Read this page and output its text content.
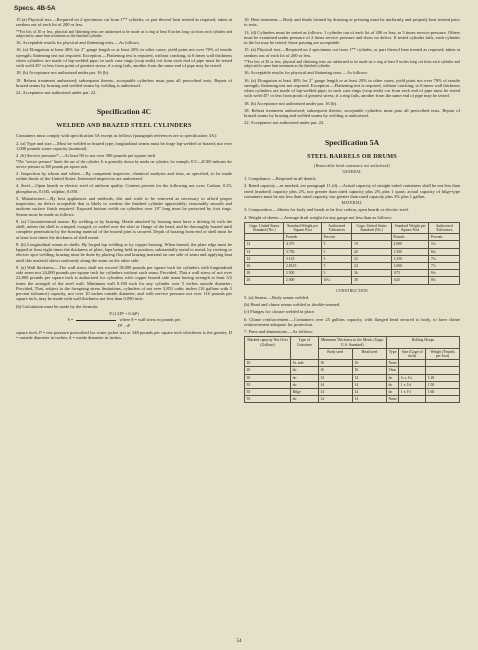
Specs. 4B-5A

15 (a) Physical test.—Required on 2 specimens cut from 1** cylinder, or part thereof heat treated as required, taken at random out of each lot of 200 or less.

**For lots of 30 or less, physical and flattening tests are authorized to be made on a ring at least 8 inches long cut from each cylinder and subjected to same heat treatment as the finished cylinder.

16. Acceptable results for physical and flattening tests.—As follows:

16. (a) Elongation at least 40% for 2" gauge length or at least 20% in other cases; yield point not over 70% of tensile strength; flattening test not required. Exception.—Flattening test is required, without cracking, to 6 times wall thickness when cylinders are made of lap-welded pipe; in such case rings (crop ends) cut from each end of pipe must be tested with weld 45° or less from point of greatest stress; if a ring fails, another from the same end of pipe may be tested.

18. (b) Acceptance not authorized under par. 16 (b).

18. Reheat treatment authorized; subsequent thereto, acceptable cylinders must pass all prescribed tests. Repair of brazed seams by brazing and welded seams by welding is authorized.

22. Acceptance not authorized under par. 22.

Specification 4C
WELDED AND BRAZED STEEL CYLINDERS

Containers must comply with specification 3A except as follows (paragraph references are to specification 3A):

2. (a) Type and size.—Must be welded or brazed type; longitudinal seams must be forge lap-welded or brazed; not over 1,000 pounds water capacity (nominal).

2. (b) Service pressure*.—At least 90 to not over 300 pounds per square inch.

*The "service pressure" limits the use of the cylinder. It is generally shown by marks on cylinder; for example, ICC—4C300 indicates the service pressure as 300 pounds per square inch.

2. Inspection by whom and where.—By competent inspector; chemical analyses and tests, as specified, to be made within limits of the United States. Interested inspectors are authorized.

4. Steel.—Open hearth or electric steel of uniform quality. Content percent for the following not over: Carbon, 0.25; phosphorus, 0.045, sulphur, 0.050.

5. Manufacture.—By best appliances and methods; dirt and scale to be removed as necessary to afford proper inspection; no defect acceptable that is likely to weaken the finished cylinder appreciably; reasonably smooth and uniform surface finish required. Exposed bottom welds on cylinders over 18" long must be protected by foot rings. Seams must be made as follows:

8. (a) Circumferential seams: By welding or by brazing. Heads attached by brazing must have a driving fit with the shell, unless the shell is crimped, swaged, or curled over the skirt or flange of the head, and be thoroughly brazed until complete penetration by the brazing material of the brazed joint is secured. Depth of brazing from end of shell must be at least four times the thickness of shell metal.

8. (b) Longitudinal seams in shells: By forged lap welding or by copper brazing. When brazed, the plate edge must be lapped at least eight times the thickness of plate, laps being held in position, substantially metal to metal, by riveting or electric spot welding; brazing must be done by placing flux and brazing material on one side of seam and applying heat until this material shows uniformly along the seam on the other side.

9. (a) Wall thickness.—The wall stress shall not exceed 18,000 pounds per square inch for cylinders with longitudinal side seam nor 24,000 pounds per square inch for cylinders without such seam; Provided, That a wall stress of not over 22,800 pounds per square inch is authorized for cylinders with copper brazed side seam having strength at least 3/2 times the strength of the steel wall. Minimum wall 0.100 inch for any cylinder over 5 inches outside diameter; Provided, That, subject to the foregoing stress limitations, cylinders of not over 3,851 cubic inches (16 gallons with 5 percent tolerance) capacity, not over 10 inches outside diameter, and with service pressure not over 116 pounds per square inch, may be made with wall thickness not less than 0.090 inch.

(b) Calculation must be made by the formula:

P (1.3D² + 0.4d²)
S =	where S = wall stress in pounds per
D² – d²

square inch; P = test pressure prescribed for water jacket test or 348 pounds per square inch whichever is the greater; D = outside diameter in inches; d = inside diameter in inches.

10. Heat treatment.—Body and heads formed by drawing or pressing must be uniformly and properly heat treated prior to tests.

13. (d) Cylinders must be tested as follows: 1 cylinder out of each lot of 200 or less; to 3 times service pressure. Others must be examined under pressure of 2 times service pressure and show no defect. If tested cylinder fails, each cylinder in the lot may be tested; those passing are acceptable.

15. (a) Physical test.—Required on 2 specimens cut from 1** cylinder, or part thereof heat treated as required, taken at random out of each lot of 200 or less.

**For lots of 30 or less, physical and flattening tests are authorized to be made on a ring at least 8 inches long cut from each cylinder and subjected to same heat treatment as the finished cylinder.

16. Acceptable results for physical and flattening tests.—As follows:

16. (a) Elongation at least 40% for 2" gauge length or at least 20% in other cases; yield point not over 70% of tensile strength; flattening test not required. Exception.—Flattening test is required, without cracking, to 6 times wall thickness when cylinders are made of lap-welded pipe; in such case rings (crop ends) cut from each end of pipe must be tested with weld 45° or less from point of greatest stress; if a ring fails, another from the same end of pipe may be tested.

18. (b) Acceptance not authorized under par. 16 (b).

18. Reheat treatment authorized; subsequent thereto, acceptable cylinders must pass all prescribed tests. Repair of brazed seams by brazing and welded seams by welding is authorized.

22. Acceptance not authorized under par. 22.

Specification 5A
STEEL BARRELS OR DRUMS
(Removable head containers not authorized)
GENERAL

1. Compliance.—Required in all details.

2. Rated capacity—as marked, see paragraph 11 (d).—Actual capacity of straight-sided containers shall be not less than rated (marked) capacity plus 2%, nor greater than rated capacity plus 2% plus 1 quart; actual capacity of bilge-type containers must be not less than rated capacity, nor greater than rated capacity plus 3% plus 1 gallon.

MATERIAL

3. Composition.—Sheets for body and heads to be low carbon, open hearth or electric steel.

4. Weight of sheets.—Average draft weight for any gauge not less than as follows:

Gage, United States Standard (No.)	Standard Weight per Square Foot	Authorized Tolerances	Gage, United States Standard (No.)	Standard Weight per Square Foot	Authorized Tolerances
	Pounds	Percent		Pounds	Percent
12	4.375	5	19	2.000	5¼
13	3.750	5	20	1.500	6¾
14	3.125	5	22	1.250	7¼
16	2.8125	5	24	1.000	7½
18	2.500	5	26	.875	8¼
20	2.000	10¼	28	.625	8¾
CONSTRUCTION

5. (a) Seams.—Body seams welded.

(b) Head and chime seams welded or double-seamed.

(c) Flanges for closure welded in place.

6. Chime reinforcement.—Containers over 25 gallons capacity, with flanged head secured to body, to have chime reinforcement adequate for protection.

7. Parts and dimensions.—As follows:

Marked capacity Not Over (Gallons)	Type of Container	Minimum Thickness in the Metal. (Gage, U.S. Standard)		Rolling Hoops		
		Body steel	Head steel	Type	Size (Gage of inch)	Weight (Pounds per foot)
10	St. side	16	16	None		
20	do	16	16	I-bar		
30	do	14	14	do	¾ x 1¼	1.28
35	do	14	14	do	1 x 1¼	1.50
55	Bilge	14	14	do	1 x 1½	1.60
55	do	14	14	None		
54
